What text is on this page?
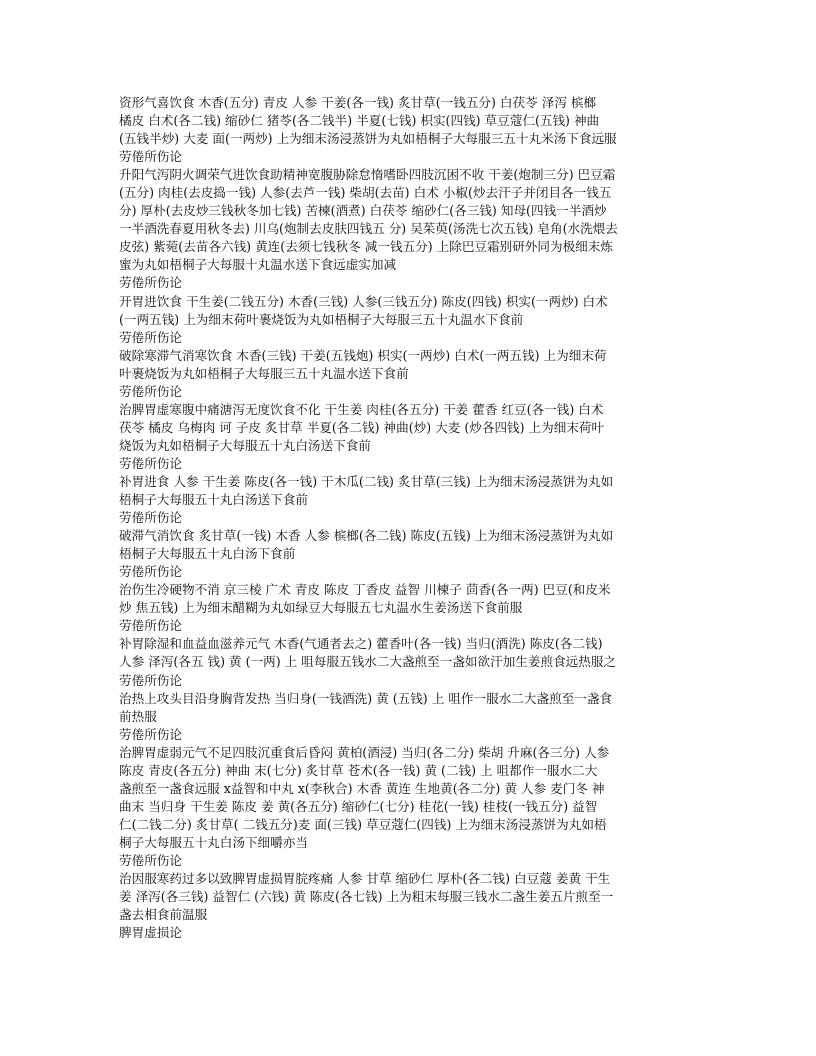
资形气喜饮食 木香(五分) 青皮 人参 干姜(各一钱) 炙甘草(一钱五分) 白茯苓 泽泻 槟榔
橘皮 白术(各二钱) 缩砂仁 猪苓(各二钱半) 半夏(七钱) 枳实(四钱) 草豆蔻仁(五钱) 神曲
(五钱半炒) 大麦 面(一两炒) 上为细末汤浸蒸饼为丸如梧桐子大每服三五十丸米汤下食远服
劳倦所伤论
升阳气泻阴火调荣气进饮食助精神宽腹胁除怠惰嗜卧四肢沉困不收 干姜(炮制三分) 巴豆霜
(五分) 肉桂(去皮捣一钱) 人参(去芦一钱) 柴胡(去苗) 白术 小椒(炒去汗子并闭目各一钱五
分) 厚朴(去皮炒三钱秋冬加七钱) 苦楝(酒煮) 白茯苓 缩砂仁(各三钱) 知母(四钱一半酒炒
一半酒洗春夏用秋冬去) 川乌(炮制去皮肤四钱五 分) 吴茱萸(汤洗七次五钱) 皂角(水洗煨去
皮弦) 紫菀(去苗各六钱) 黄连(去须七钱秋冬 减一钱五分) 上除巴豆霜别研外同为极细末炼
蜜为丸如梧桐子大每服十丸温水送下食远虚实加减
劳倦所伤论
开胃进饮食 干生姜(二钱五分) 木香(三钱) 人参(三钱五分) 陈皮(四钱) 枳实(一两炒) 白术
(一两五钱) 上为细末荷叶裹烧饭为丸如梧桐子大每服三五十丸温水下食前
劳倦所伤论
破除寒滞气消寒饮食 木香(三钱) 干姜(五钱炮) 枳实(一两炒) 白术(一两五钱) 上为细末荷
叶裹烧饭为丸如梧桐子大每服三五十丸温水送下食前
劳倦所伤论
治脾胃虚寒腹中痛溏泻无度饮食不化 干生姜 肉桂(各五分) 干姜 藿香 红豆(各一钱) 白术
茯苓 橘皮 乌梅肉 诃 子皮 炙甘草 半夏(各二钱) 神曲(炒) 大麦 (炒各四钱) 上为细末荷叶
烧饭为丸如梧桐子大每服五十丸白汤送下食前
劳倦所伤论
补胃进食 人参 干生姜 陈皮(各一钱) 干木瓜(二钱) 炙甘草(三钱) 上为细末汤浸蒸饼为丸如
梧桐子大每服五十丸白汤送下食前
劳倦所伤论
破滞气消饮食 炙甘草(一钱) 木香 人参 槟榔(各二钱) 陈皮(五钱) 上为细末汤浸蒸饼为丸如
梧桐子大每服五十丸白汤下食前
劳倦所伤论
治伤生冷硬物不消 京三棱 广术 青皮 陈皮 丁香皮 益智 川楝子 茴香(各一两) 巴豆(和皮米
炒 焦五钱) 上为细末醋糊为丸如绿豆大每服五七丸温水生姜汤送下食前服
劳倦所伤论
补胃除湿和血益血滋养元气 木香(气通者去之) 藿香叶(各一钱) 当归(酒洗) 陈皮(各二钱)
人参 泽泻(各五 钱) 黄 (一两) 上 咀每服五钱水二大盏煎至一盏如欲汗加生姜煎食远热服之
劳倦所伤论
治热上攻头目沿身胸背发热 当归身(一钱酒洗) 黄 (五钱) 上 咀作一服水二大盏煎至一盏食
前热服
劳倦所伤论
治脾胃虚弱元气不足四肢沉重食后昏闷 黄柏(酒浸) 当归(各二分) 柴胡 升麻(各三分) 人参
陈皮 青皮(各五分) 神曲 末(七分) 炙甘草 苍术(各一钱) 黄 (二钱) 上 咀都作一服水二大
盏煎至一盏食远服 x益智和中丸 x(李秋合) 木香 黄连 生地黄(各二分) 黄 人参 麦门冬 神
曲末 当归身 干生姜 陈皮 姜 黄(各五分) 缩砂仁(七分) 桂花(一钱) 桂枝(一钱五分) 益智
仁(二钱二分) 炙甘草( 二钱五分)麦 面(三钱) 草豆蔻仁(四钱) 上为细末汤浸蒸饼为丸如梧
桐子大每服五十丸白汤下细嚼亦当
劳倦所伤论
治因服寒药过多以致脾胃虚损胃脘疼痛 人参 甘草 缩砂仁 厚朴(各二钱) 白豆蔻 姜黄 干生
姜 泽泻(各三钱) 益智仁 (六钱) 黄 陈皮(各七钱) 上为粗末每服三钱水二盏生姜五片煎至一
盏去相食前温服
脾胃虚损论
